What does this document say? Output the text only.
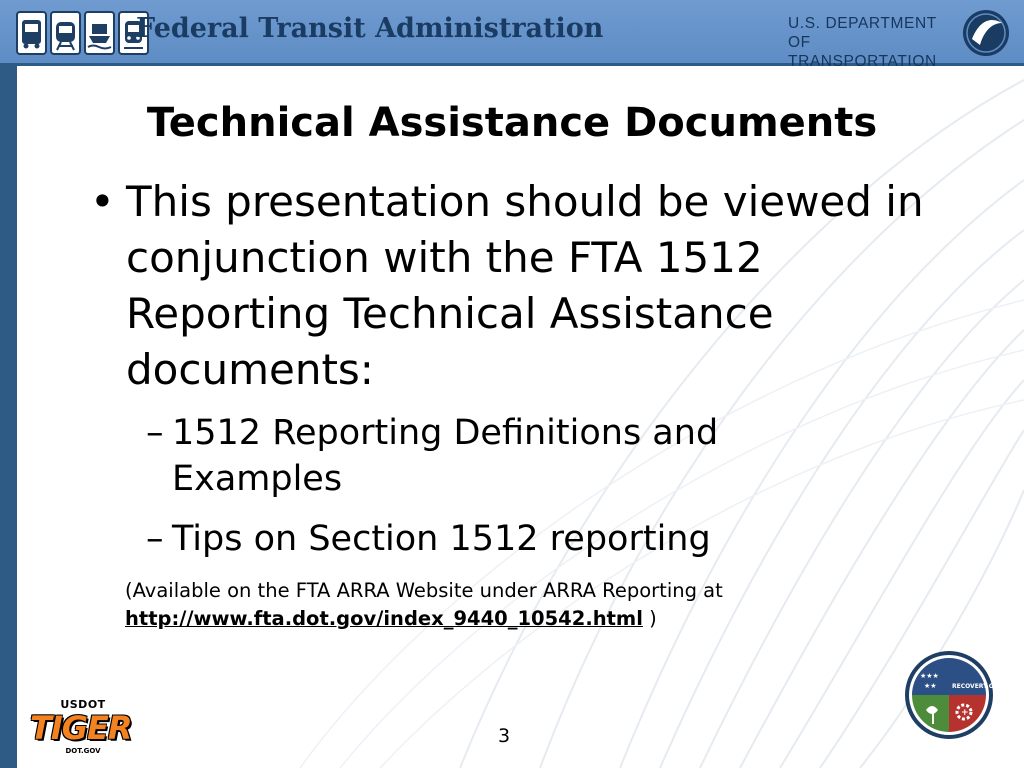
Federal Transit Administration	U.S. DEPARTMENT OF
TRANSPORTATION
Technical Assistance Documents
• This presentation should be viewed in conjunction with the FTA 1512 Reporting Technical Assistance documents:
– 1512 Reporting Definitions and Examples
– Tips on Section 1512 reporting
(Available on the FTA ARRA Website under ARRA Reporting at
http://www.fta.dot.gov/index_9440_10542.html )
3
USDOT
TIGER
DOT.GOV
★★★
★★	RECOVERY.GOV
+
